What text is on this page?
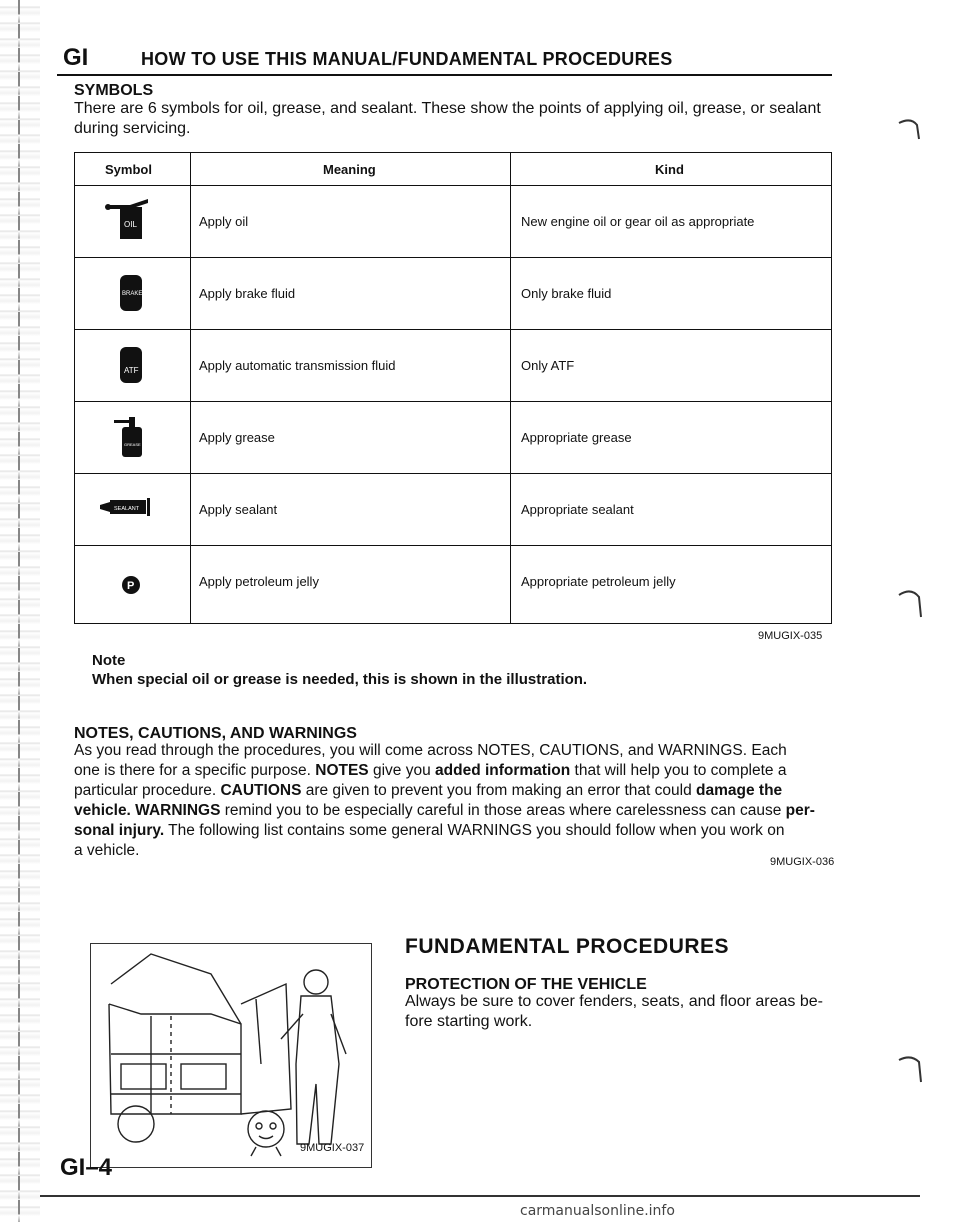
GI	HOW TO USE THIS MANUAL/FUNDAMENTAL PROCEDURES
SYMBOLS
There are 6 symbols for oil, grease, and sealant. These show the points of applying oil, grease, or sealant
during servicing.
Symbol	Meaning	Kind
OIL	Apply oil	New engine oil or gear oil as appropriate
BRAKE FLUID	Apply brake fluid	Only brake fluid
ATF	Apply automatic transmission fluid	Only ATF
GREASE	Apply grease	Appropriate grease
SEALANT	Apply sealant	Appropriate sealant
P	Apply petroleum jelly	Appropriate petroleum jelly
9MUGIX-035
Note
When special oil or grease is needed, this is shown in the illustration.
NOTES, CAUTIONS, AND WARNINGS
As you read through the procedures, you will come across NOTES, CAUTIONS, and WARNINGS. Each
one is there for a specific purpose. NOTES give you added information that will help you to complete a
particular procedure. CAUTIONS are given to prevent you from making an error that could damage the
vehicle. WARNINGS remind you to be especially careful in those areas where carelessness can cause per-
sonal injury. The following list contains some general WARNINGS you should follow when you work on
a vehicle.
9MUGIX-036
9MUGIX-037
FUNDAMENTAL PROCEDURES
PROTECTION OF THE VEHICLE
Always be sure to cover fenders, seats, and floor areas be-
fore starting work.
GI–4
carmanualsonline.info
